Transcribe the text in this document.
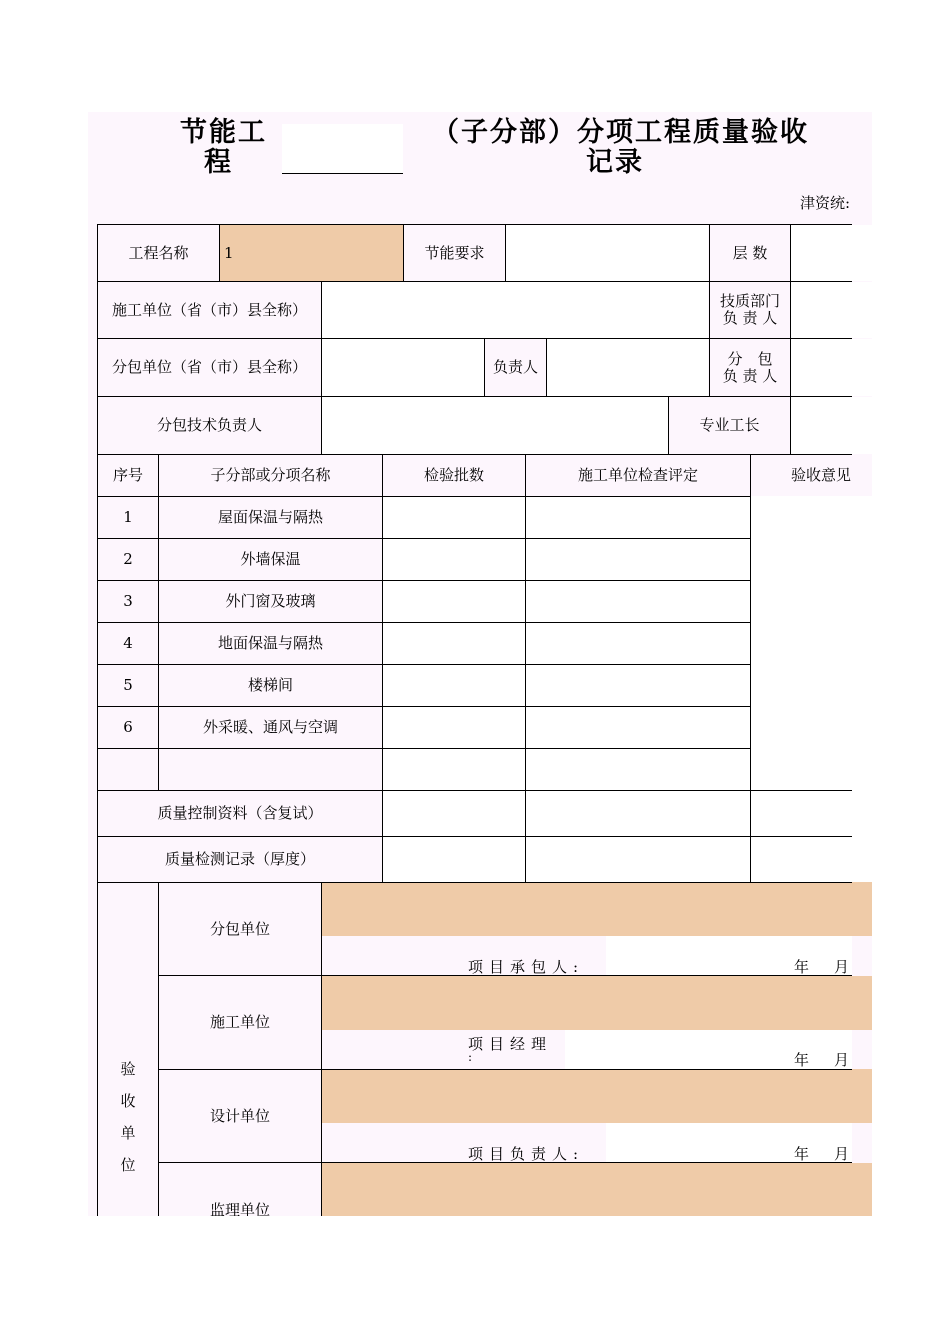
节能工
程
（子分部）分项工程质量验收
记录
津资统:
工程名称	1	节能要求	层 数
施工单位（省（市）县全称）	技质部门
负 责 人
分包单位（省（市）县全称）	负责人	分　包
负 责 人
分包技术负责人	专业工长
序号	子分部或分项名称	检验批数	施工单位检查评定	验收意见
1	屋面保温与隔热
2	外墙保温
3	外门窗及玻璃
4	地面保温与隔热
5	楼梯间
6	外采暖、通风与空调
质量控制资料（含复试）
质量检测记录（厚度）
验
收
单
位
分包单位
项目承包人:	年 月
施工单位
项目经理
:	年 月
设计单位
项目负责人:	年 月
监理单位
